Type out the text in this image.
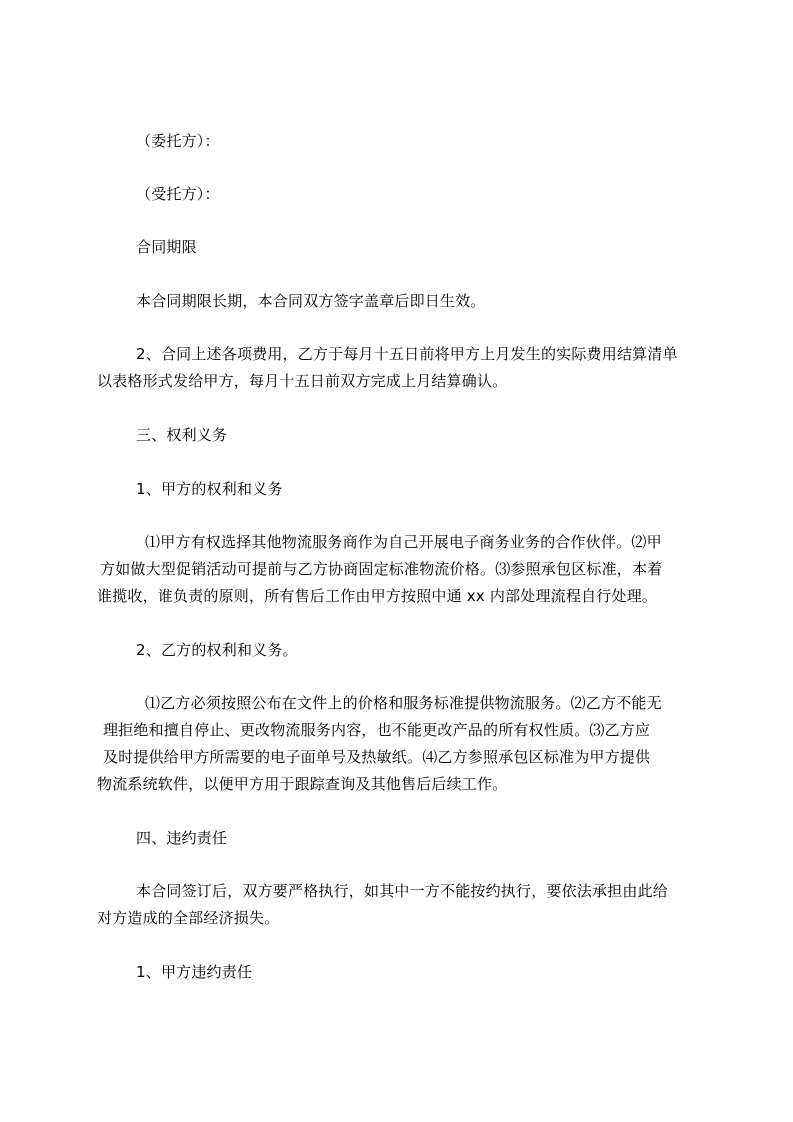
（委托方）：
（受托方）：
合同期限
本合同期限长期，本合同双方签字盖章后即日生效。
2、合同上述各项费用，乙方于每月十五日前将甲方上月发生的实际费用结算清单
以表格形式发给甲方，每月十五日前双方完成上月结算确认。
三、权利义务
1、甲方的权利和义务
⑴甲方有权选择其他物流服务商作为自己开展电子商务业务的合作伙伴。⑵甲
方如做大型促销活动可提前与乙方协商固定标准物流价格。⑶参照承包区标准，本着
谁揽收，谁负责的原则，所有售后工作由甲方按照中通 xx 内部处理流程自行处理。
2、乙方的权利和义务。
⑴乙方必须按照公布在文件上的价格和服务标准提供物流服务。⑵乙方不能无
理拒绝和擅自停止、更改物流服务内容，也不能更改产品的所有权性质。⑶乙方应
及时提供给甲方所需要的电子面单号及热敏纸。⑷乙方参照承包区标准为甲方提供
物流系统软件，以便甲方用于跟踪查询及其他售后后续工作。
四、违约责任
本合同签订后，双方要严格执行，如其中一方不能按约执行，要依法承担由此给
对方造成的全部经济损失。
1、甲方违约责任
